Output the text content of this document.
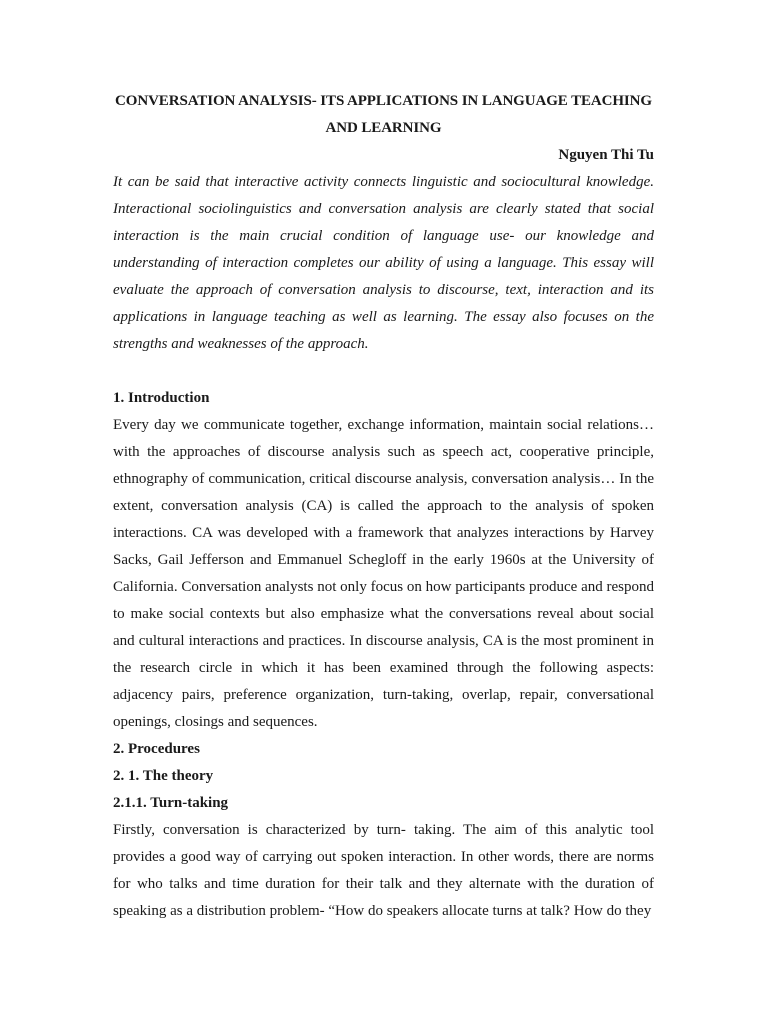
CONVERSATION ANALYSIS- ITS APPLICATIONS IN LANGUAGE TEACHING AND LEARNING

Nguyen Thi Tu

It can be said that interactive activity connects linguistic and sociocultural knowledge. Interactional sociolinguistics and conversation analysis are clearly stated that social interaction is the main crucial condition of language use- our knowledge and understanding of interaction completes our ability of using a language. This essay will evaluate the approach of conversation analysis to discourse, text, interaction and its applications in language teaching as well as learning. The essay also focuses on the strengths and weaknesses of the approach.

1. Introduction

Every day we communicate together, exchange information, maintain social relations… with the approaches of discourse analysis such as speech act, cooperative principle, ethnography of communication, critical discourse analysis, conversation analysis… In the extent, conversation analysis (CA) is called the approach to the analysis of spoken interactions. CA was developed with a framework that analyzes interactions by Harvey Sacks, Gail Jefferson and Emmanuel Schegloff in the early 1960s at the University of California. Conversation analysts not only focus on how participants produce and respond to make social contexts but also emphasize what the conversations reveal about social and cultural interactions and practices. In discourse analysis, CA is the most prominent in the research circle in which it has been examined through the following aspects: adjacency pairs, preference organization, turn-taking, overlap, repair, conversational openings, closings and sequences.

2. Procedures

2. 1. The theory

2.1.1. Turn-taking

Firstly, conversation is characterized by turn- taking. The aim of this analytic tool provides a good way of carrying out spoken interaction. In other words, there are norms for who talks and time duration for their talk and they alternate with the duration of speaking as a distribution problem- “How do speakers allocate turns at talk? How do they
